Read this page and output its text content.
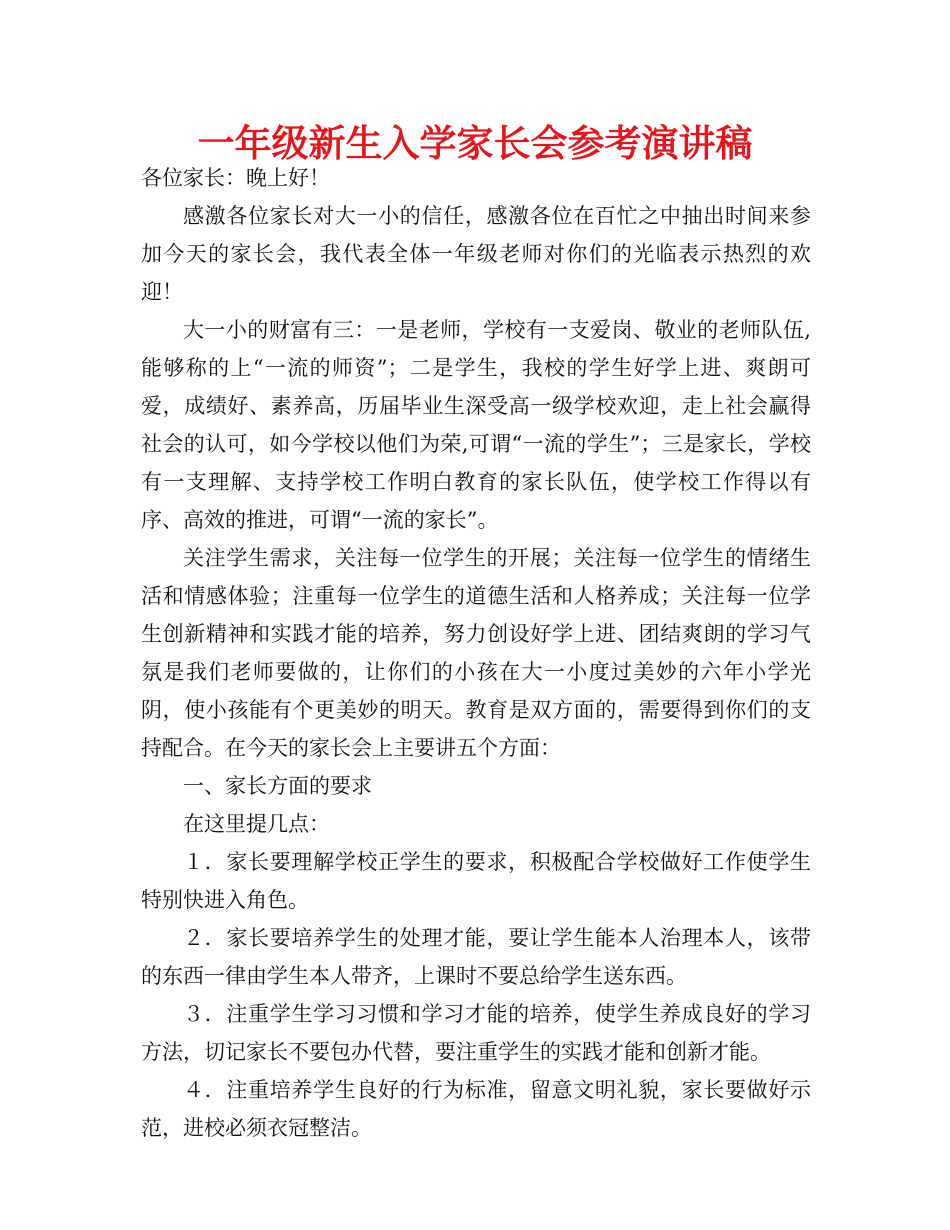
一年级新生入学家长会参考演讲稿

各位家长：晚上好！

感激各位家长对大一小的信任，感激各位在百忙之中抽出时间来参加今天的家长会，我代表全体一年级老师对你们的光临表示热烈的欢迎！

大一小的财富有三：一是老师，学校有一支爱岗、敬业的老师队伍,能够称的上“一流的师资”；二是学生，我校的学生好学上进、爽朗可爱，成绩好、素养高，历届毕业生深受高一级学校欢迎，走上社会赢得社会的认可，如今学校以他们为荣,可谓“一流的学生”；三是家长，学校有一支理解、支持学校工作明白教育的家长队伍，使学校工作得以有序、高效的推进，可谓“一流的家长”。

关注学生需求，关注每一位学生的开展；关注每一位学生的情绪生活和情感体验；注重每一位学生的道德生活和人格养成；关注每一位学生创新精神和实践才能的培养，努力创设好学上进、团结爽朗的学习气氛是我们老师要做的，让你们的小孩在大一小度过美妙的六年小学光阴，使小孩能有个更美妙的明天。教育是双方面的，需要得到你们的支持配合。在今天的家长会上主要讲五个方面：

一、家长方面的要求

在这里提几点：

１．家长要理解学校正学生的要求，积极配合学校做好工作使学生特别快进入角色。

２．家长要培养学生的处理才能，要让学生能本人治理本人，该带的东西一律由学生本人带齐，上课时不要总给学生送东西。

３．注重学生学习习惯和学习才能的培养，使学生养成良好的学习方法，切记家长不要包办代替，要注重学生的实践才能和创新才能。

４．注重培养学生良好的行为标准，留意文明礼貌，家长要做好示范，进校必须衣冠整洁。
